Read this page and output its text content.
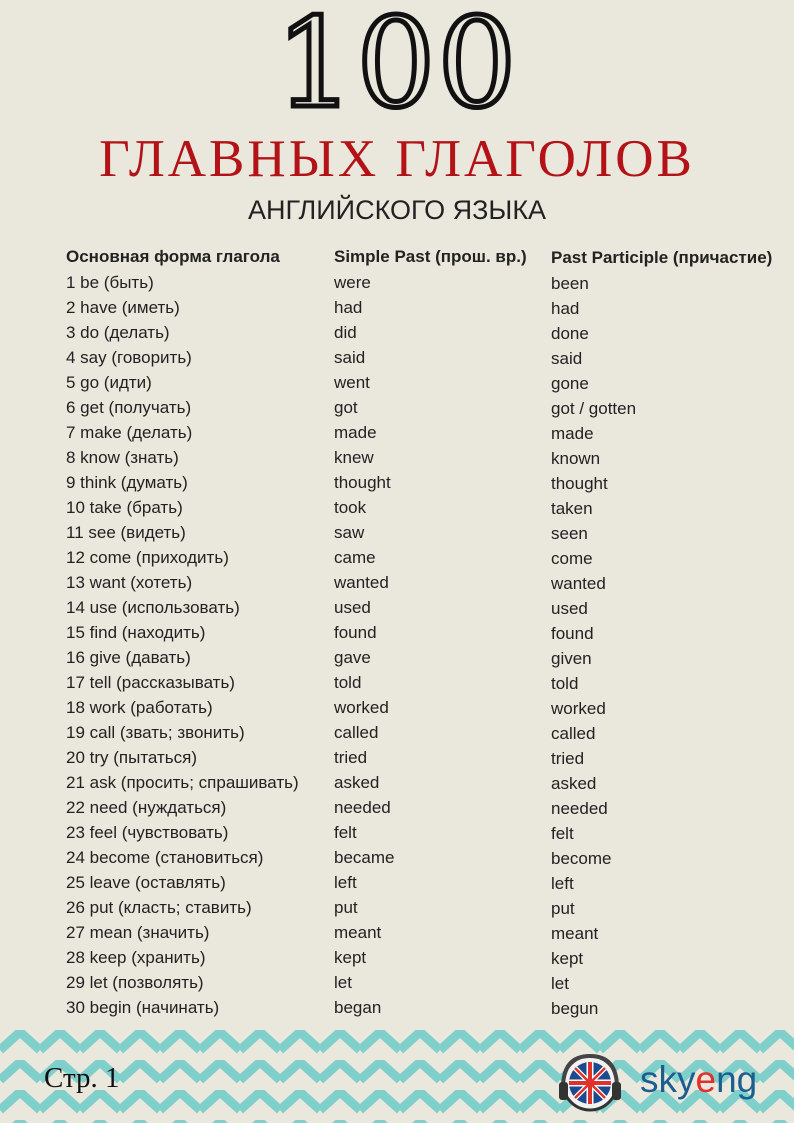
100
ГЛАВНЫХ ГЛАГОЛОВ
АНГЛИЙСКОГО ЯЗЫКА
Основная форма глагола
1 be (быть)
2 have (иметь)
3 do (делать)
4 say (говорить)
5 go (идти)
6 get (получать)
7 make (делать)
8 know (знать)
9 think (думать)
10 take (брать)
11 see (видеть)
12 come (приходить)
13 want (хотеть)
14 use (использовать)
15 find (находить)
16 give (давать)
17 tell (рассказывать)
18 work (работать)
19 call (звать; звонить)
20 try (пытаться)
21 ask (просить; спрашивать)
22 need (нуждаться)
23 feel (чувствовать)
24 become (становиться)
25 leave (оставлять)
26 put (класть; ставить)
27 mean (значить)
28 keep (хранить)
29 let (позволять)
30 begin (начинать)
Simple Past (прош. вр.)
were
had
did
said
went
got
made
knew
thought
took
saw
came
wanted
used
found
gave
told
worked
called
tried
asked
needed
felt
became
left
put
meant
kept
let
began
Past Participle (причастие)
been
had
done
said
gone
got / gotten
made
known
thought
taken
seen
come
wanted
used
found
given
told
worked
called
tried
asked
needed
felt
become
left
put
meant
kept
let
begun
Стр. 1	skyeng
